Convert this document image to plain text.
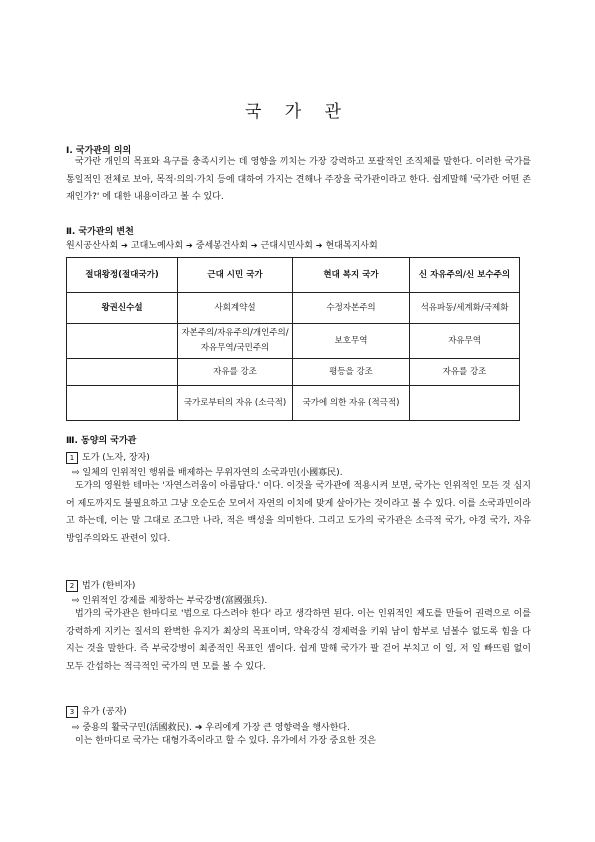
국 가 관
Ⅰ. 국가관의 의의

국가란 개인의 목표와 욕구를 충족시키는 데 영향을 끼치는 가장 강력하고 포괄적인 조직체를 말한다. 이러한 국가를 통일적인 전체로 보아, 목적·의의·가치 등에 대하여 가지는 견해나 주장을 국가관이라고 한다. 쉽게말해 '국가란 어떤 존재인가?' 에 대한 내용이라고 볼 수 있다.

Ⅱ. 국가관의 변천
원시공산사회 ➔ 고대노예사회 ➔ 중세봉건사회 ➔ 근대시민사회 ➔ 현대복지사회
절대왕정(절대국가)	근대 시민 국가	현대 복지 국가	신 자유주의/신 보수주의
왕권신수설	사회계약설	수정자본주의	석유파동/세계화/국제화
	자본주의/자유주의/개인주의/자유무역/국민주의	보호무역	자유무역
	자유를 강조	평등을 강조	자유를 강조
	국가로부터의 자유 (소극적)	국가에 의한 자유 (적극적)	
Ⅲ. 동양의 국가관
1 도가 (노자, 장자)
⇨ 일체의 인위적인 행위를 배제하는 무위자연의 소국과민(小國寡民).

도가의 영원한 테마는 '자연스러움이 아름답다.' 이다. 이것을 국가관에 적용시켜 보면, 국가는 인위적인 모든 것 심지어 제도까지도 불필요하고 그냥 오순도순 모여서 자연의 이치에 맞게 살아가는 것이라고 볼 수 있다. 이를 소국과민이라 고 하는데, 이는 말 그대로 조그만 나라, 적은 백성을 의미한다. 그리고 도가의 국가관은 소극적 국가, 야경 국가, 자유 방임주의와도 관련이 있다.

2 법가 (한비자)
⇨ 인위적인 강제를 제창하는 부국강병(富國强兵).

법가의 국가관은 한마디로 '법으로 다스려야 한다' 라고 생각하면 된다. 이는 인위적인 제도를 만들어 권력으로 이를 강력하게 지키는 질서의 완벽한 유지가 최상의 목표이며, 약육강식 경제력을 키워 남이 함부로 넘볼수 없도록 힘을 다 지는 것을 말한다. 즉 부국강병이 최종적인 목표인 셈이다. 쉽게 말해 국가가 팔 걷어 부치고 이 일, 저 일 빠뜨림 없이 모두 간섭하는 적극적인 국가의 면 모를 볼 수 있다.

3 유가 (공자)
⇨ 중용의 활국구민(活國救民). ➔ 우리에게 가장 큰 영향력을 행사한다.

이는 한마디로 국가는 대형가족이라고 할 수 있다. 유가에서 가장 중요한 것은
